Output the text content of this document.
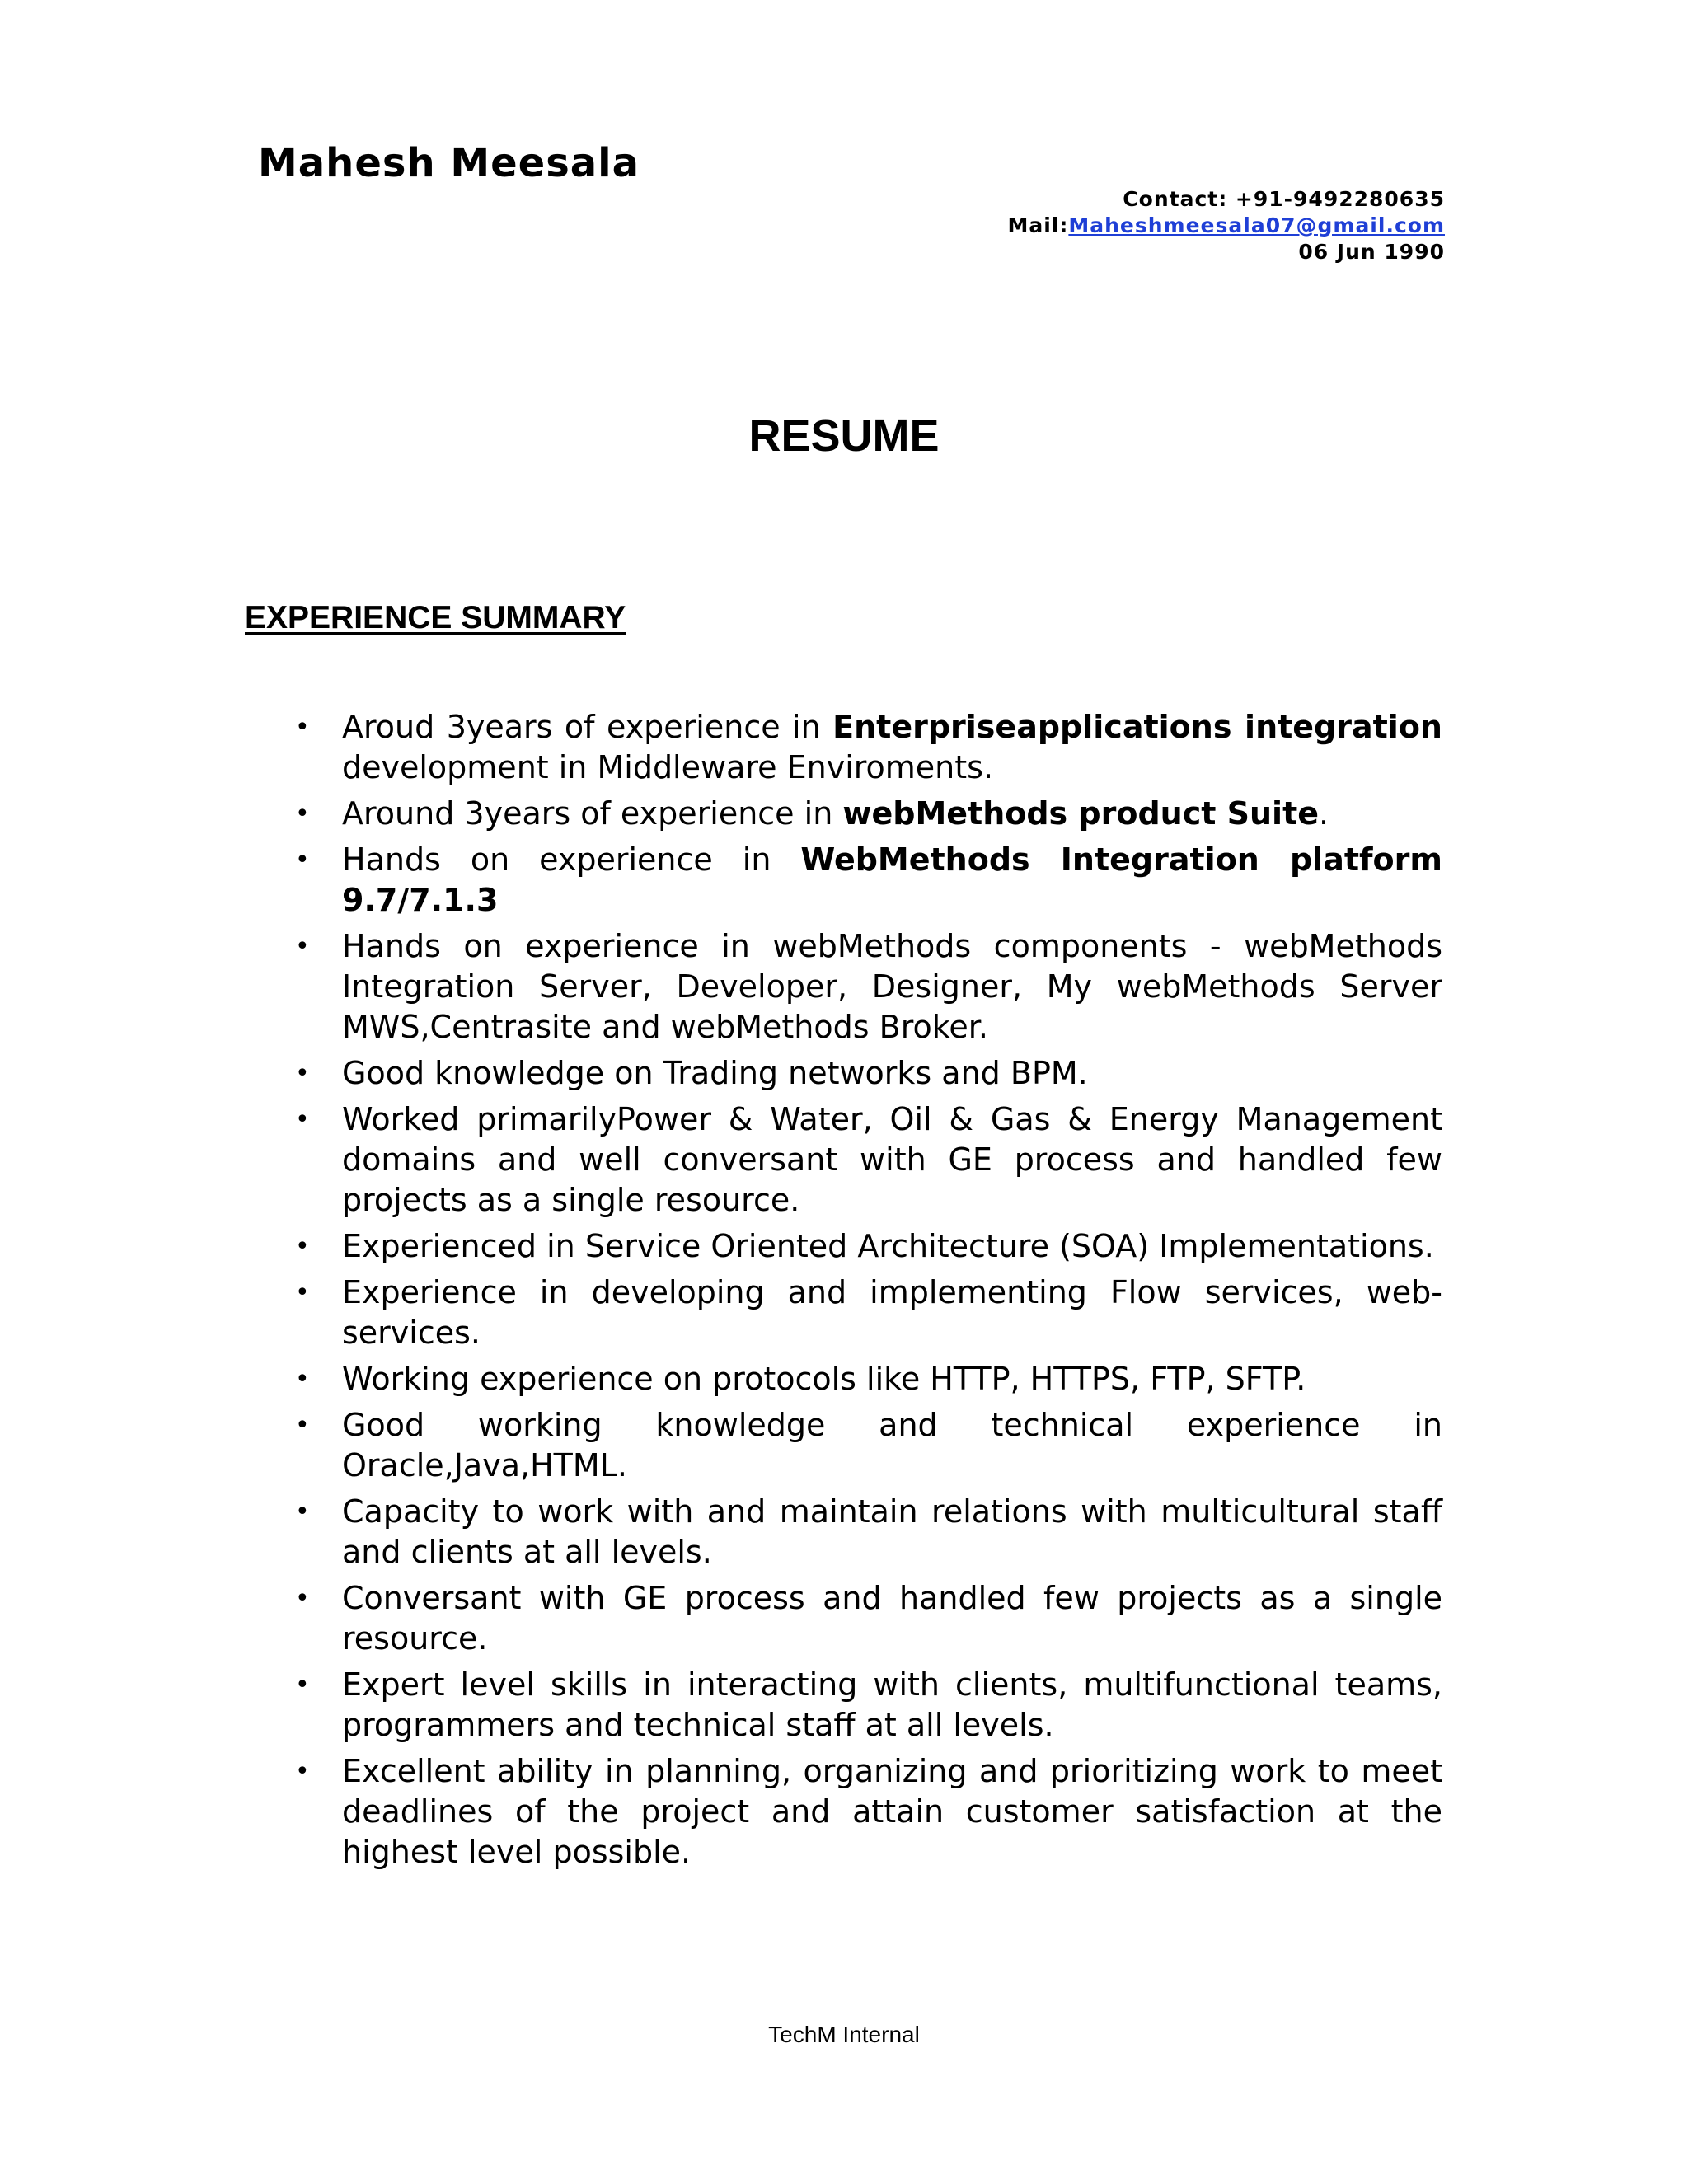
Mahesh Meesala
Contact: +91-9492280635
Mail:Maheshmeesala07@gmail.com
06 Jun 1990
RESUME
EXPERIENCE SUMMARY
• Aroud 3years of experience in Enterpriseapplications integration development in Middleware Enviroments.
• Around 3years of experience in webMethods product Suite.
• Hands on experience in WebMethods Integration platform 9.7/7.1.3
• Hands on experience in webMethods components - webMethods Integration Server, Developer, Designer, My webMethods Server MWS,Centrasite and webMethods Broker.
• Good knowledge on Trading networks and BPM.
• Worked primarilyPower & Water, Oil & Gas & Energy Management domains and well conversant with GE process and handled few projects as a single resource.
• Experienced in Service Oriented Architecture (SOA) Implementations.
• Experience in developing and implementing Flow services, web-services.
• Working experience on protocols like HTTP, HTTPS, FTP, SFTP.
• Good working knowledge and technical experience in Oracle,Java,HTML.
• Capacity to work with and maintain relations with multicultural staff and clients at all levels.
• Conversant with GE process and handled few projects as a single resource.
• Expert level skills in interacting with clients, multifunctional teams, programmers and technical staff at all levels.
• Excellent ability in planning, organizing and prioritizing work to meet deadlines of the project and attain customer satisfaction at the highest level possible.
TechM Internal
